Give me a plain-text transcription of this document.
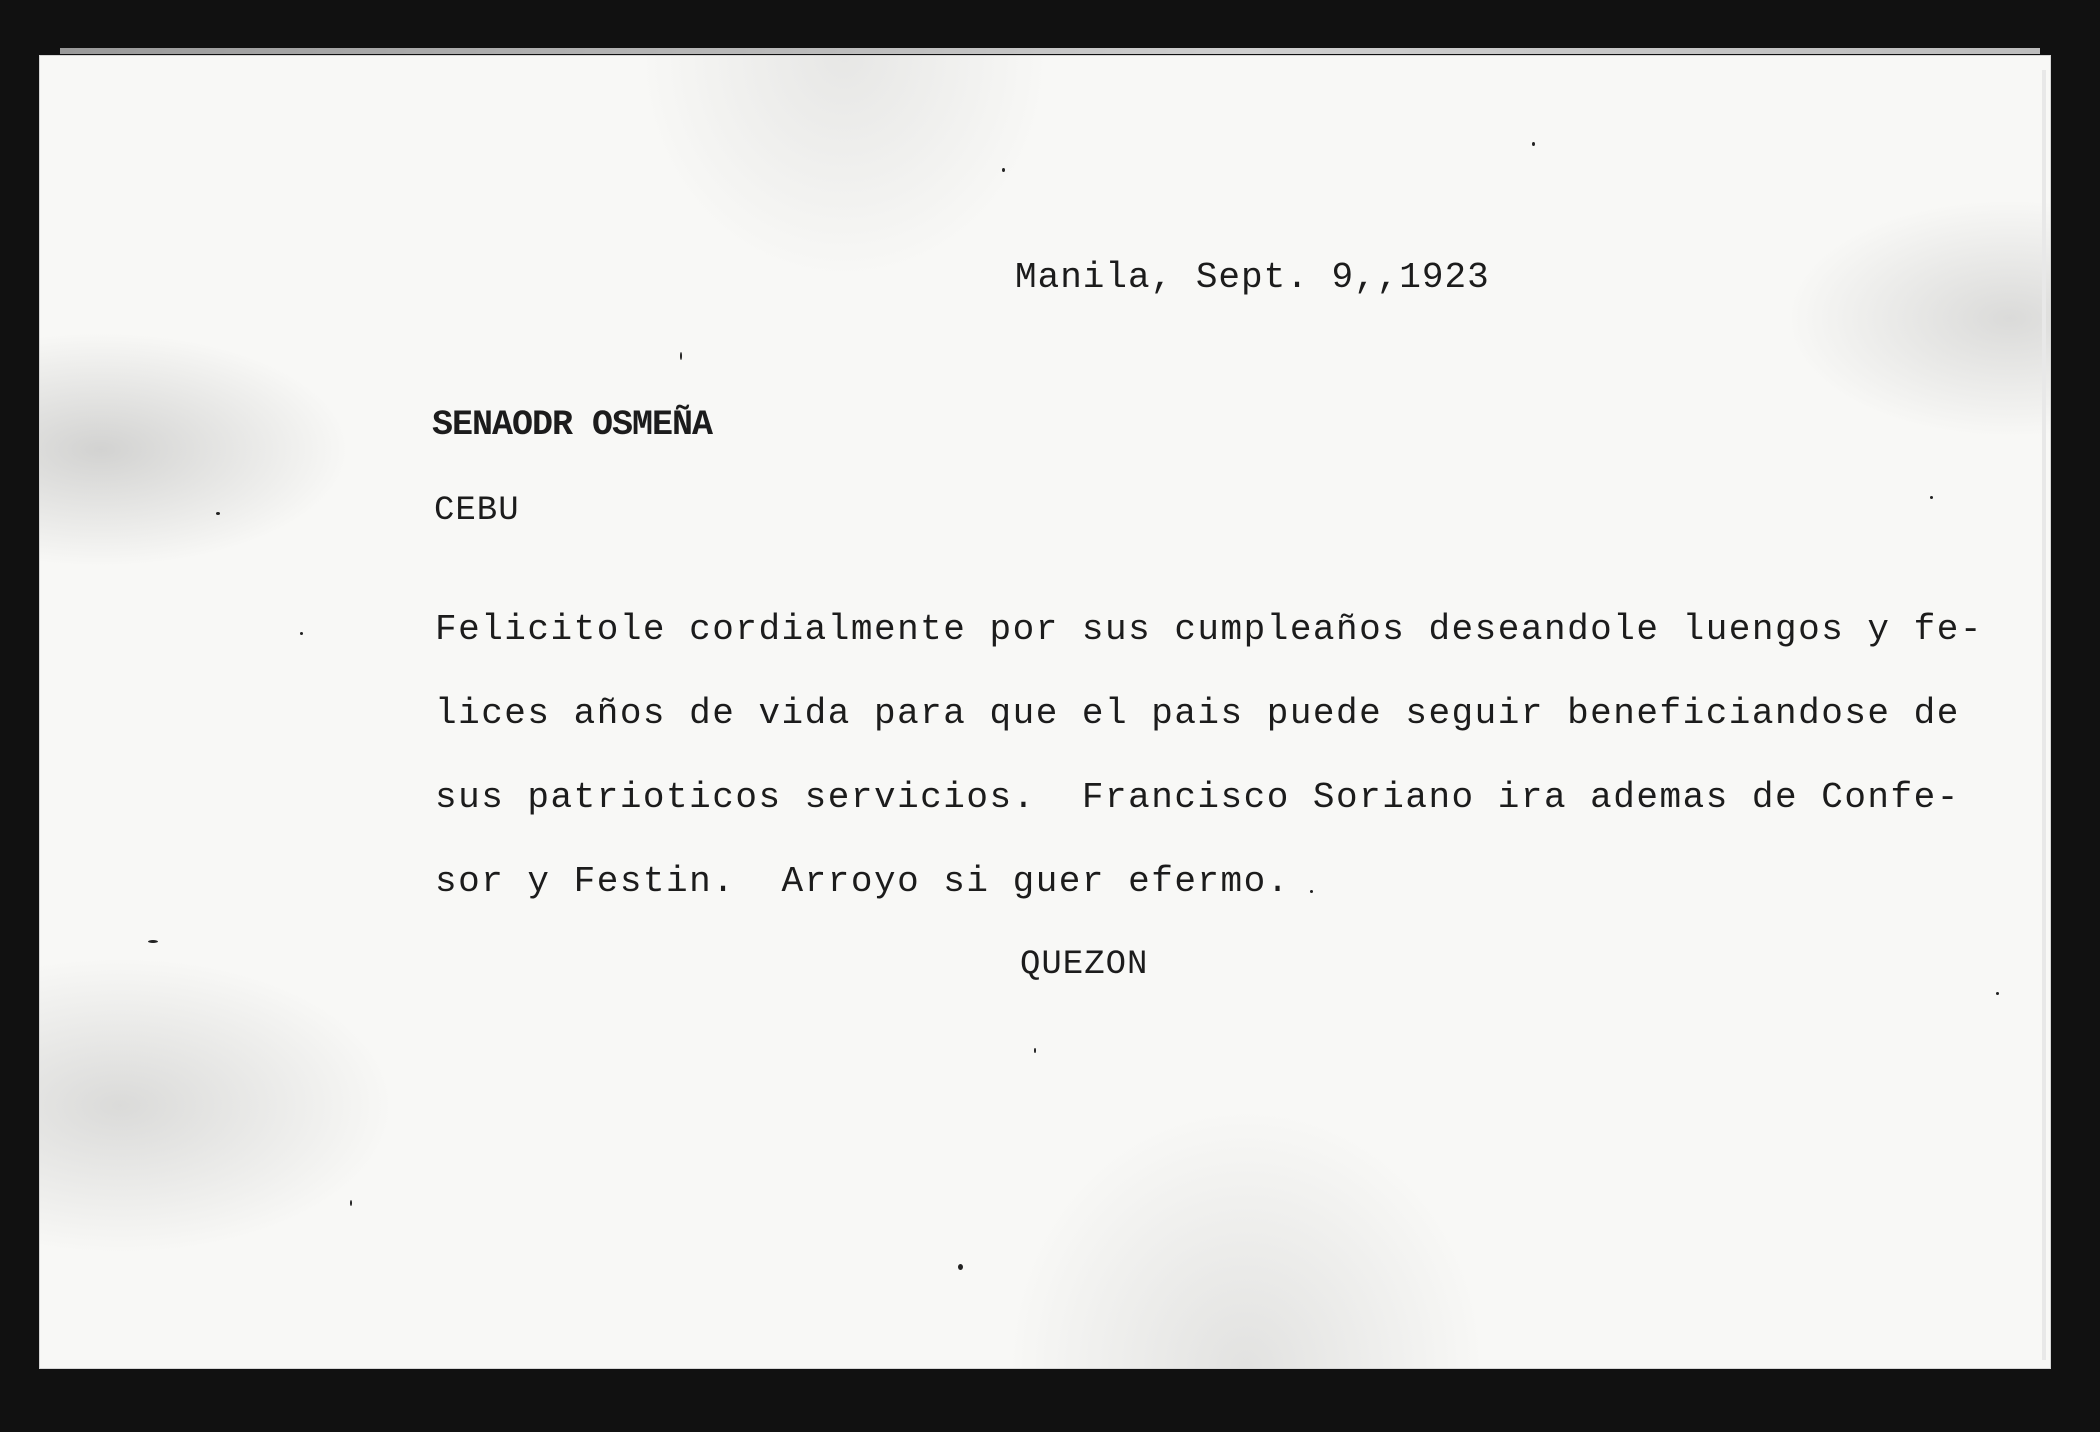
Manila, Sept. 9,,1923
SENAODR OSMEÑA
CEBU
Felicitole cordialmente por sus cumpleaños deseandole luengos y fe-
lices años de vida para que el pais puede seguir beneficiandose de
sus patrioticos servicios.  Francisco Soriano ira ademas de Confe-
sor y Festin.  Arroyo si guer efermo.
QUEZON
